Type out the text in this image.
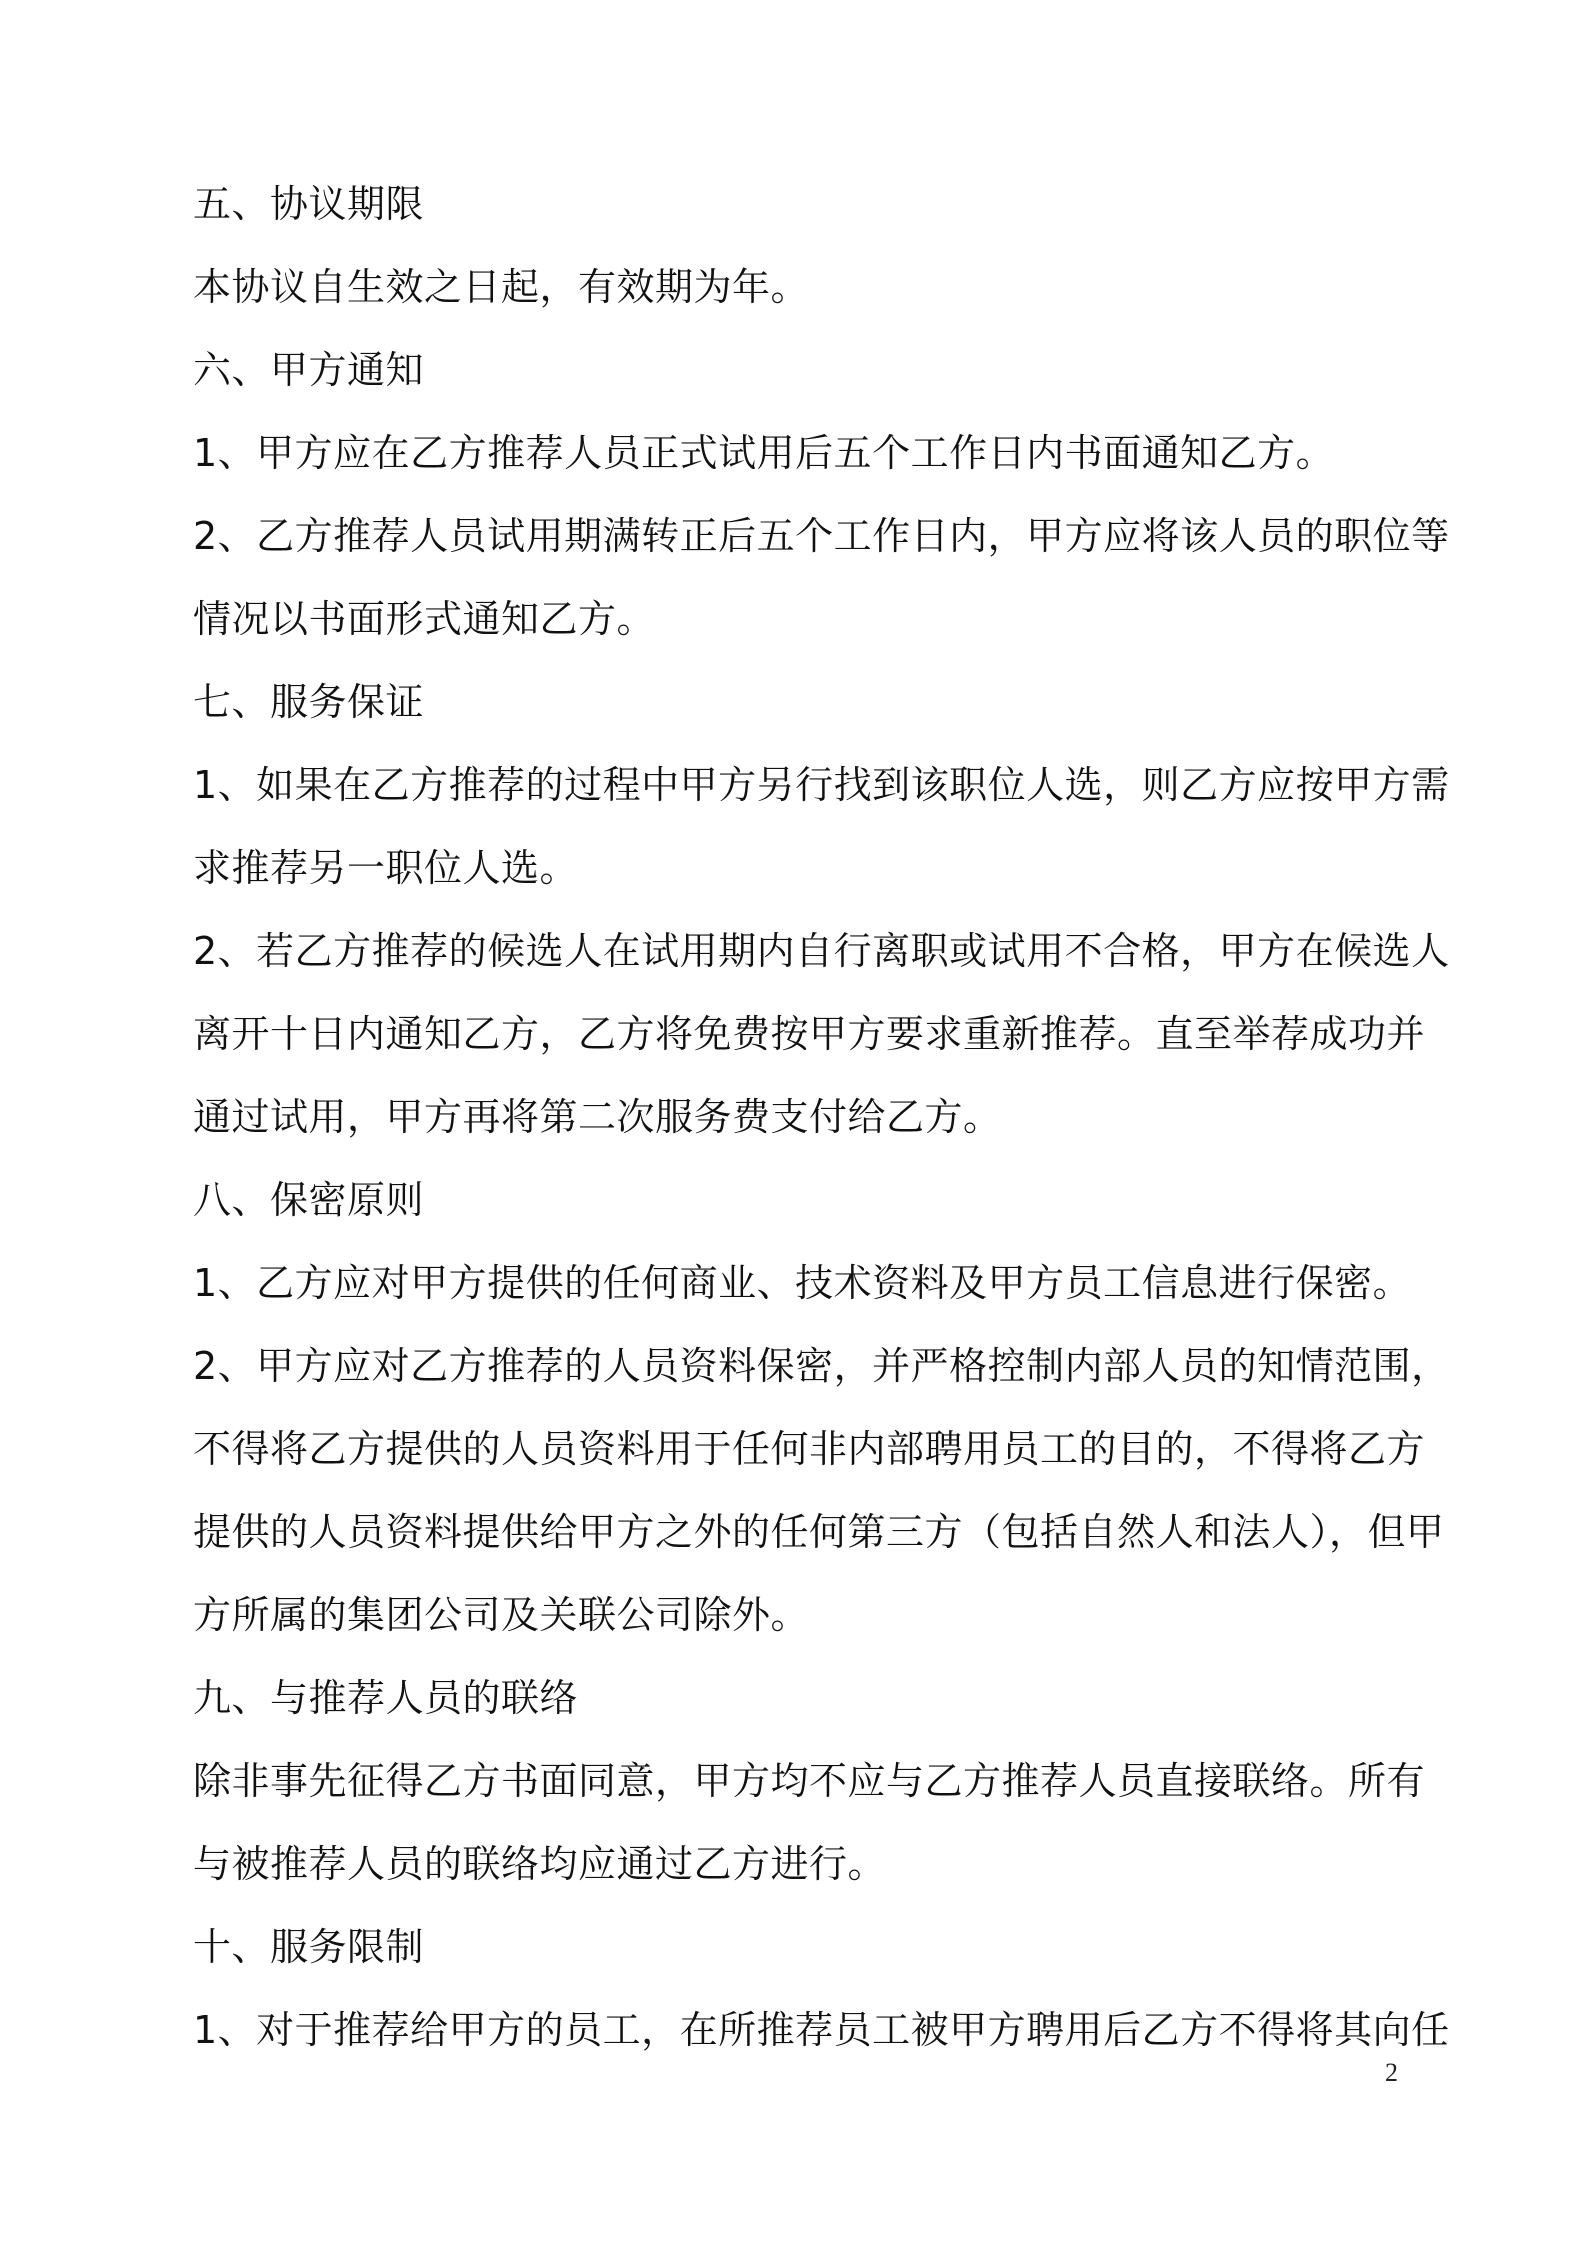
五、协议期限
本协议自生效之日起，有效期为年。
六、甲方通知
1、甲方应在乙方推荐人员正式试用后五个工作日内书面通知乙方。
2、乙方推荐人员试用期满转正后五个工作日内，甲方应将该人员的职位等
情况以书面形式通知乙方。
七、服务保证
1、如果在乙方推荐的过程中甲方另行找到该职位人选，则乙方应按甲方需
求推荐另一职位人选。
2、若乙方推荐的候选人在试用期内自行离职或试用不合格，甲方在候选人
离开十日内通知乙方，乙方将免费按甲方要求重新推荐。直至举荐成功并
通过试用，甲方再将第二次服务费支付给乙方。
八、保密原则
1、乙方应对甲方提供的任何商业、技术资料及甲方员工信息进行保密。
2、甲方应对乙方推荐的人员资料保密，并严格控制内部人员的知情范围，
不得将乙方提供的人员资料用于任何非内部聘用员工的目的，不得将乙方
提供的人员资料提供给甲方之外的任何第三方（包括自然人和法人），但甲
方所属的集团公司及关联公司除外。
九、与推荐人员的联络
除非事先征得乙方书面同意，甲方均不应与乙方推荐人员直接联络。所有
与被推荐人员的联络均应通过乙方进行。
十、服务限制
1、对于推荐给甲方的员工，在所推荐员工被甲方聘用后乙方不得将其向任
2
